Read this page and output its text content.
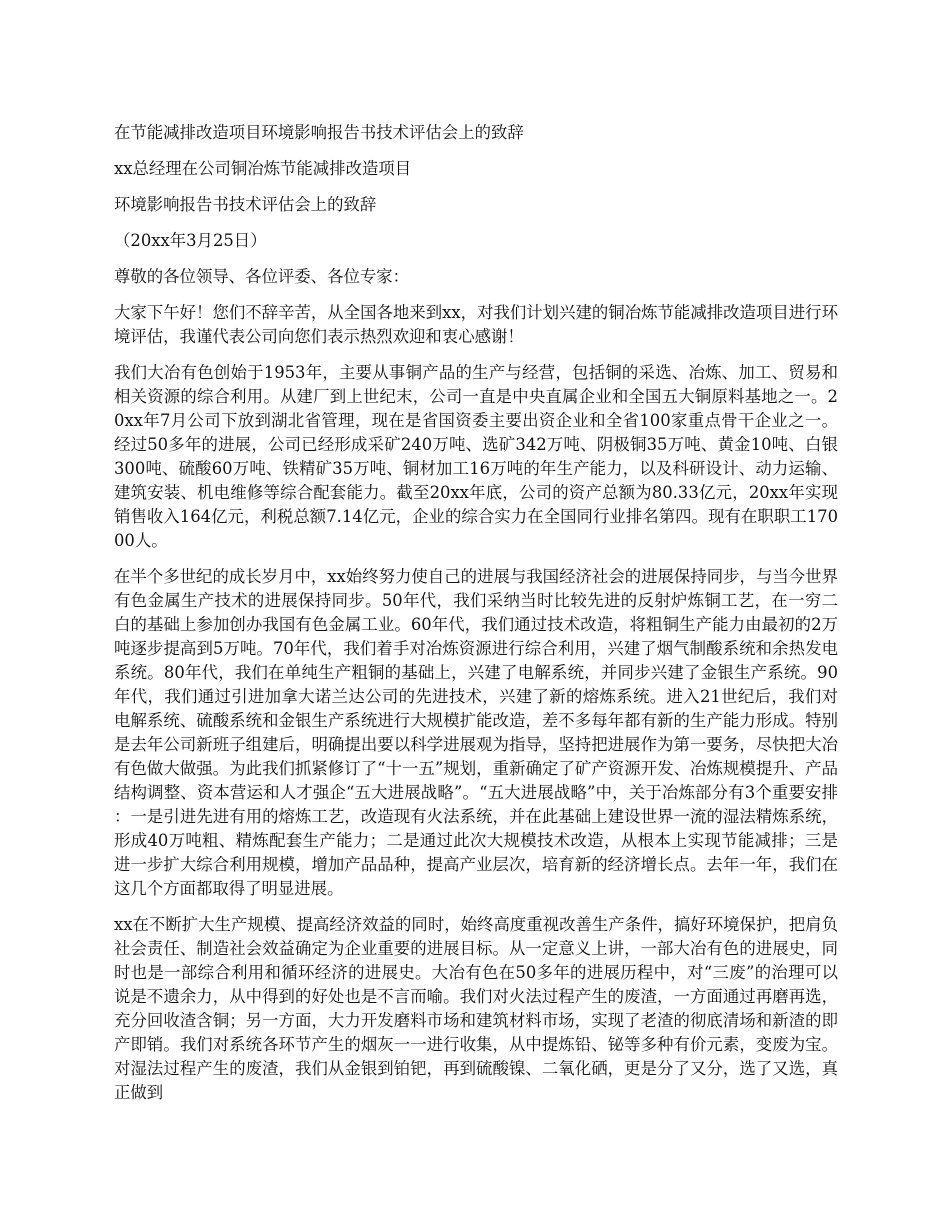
在节能减排改造项目环境影响报告书技术评估会上的致辞
xx总经理在公司铜冶炼节能减排改造项目
环境影响报告书技术评估会上的致辞
（20xx年3月25日）
尊敬的各位领导、各位评委、各位专家：

大家下午好！您们不辞辛苦，从全国各地来到xx，对我们计划兴建的铜冶炼节能减排改造项目进行环境评估，我谨代表公司向您们表示热烈欢迎和衷心感谢！

我们大冶有色创始于1953年，主要从事铜产品的生产与经营，包括铜的采选、冶炼、加工、贸易和相关资源的综合利用。从建厂到上世纪末，公司一直是中央直属企业和全国五大铜原料基地之一。20xx年7月公司下放到湖北省管理，现在是省国资委主要出资企业和全省100家重点骨干企业之一。经过50多年的进展，公司已经形成采矿240万吨、选矿342万吨、阴极铜35万吨、黄金10吨、白银300吨、硫酸60万吨、铁精矿35万吨、铜材加工16万吨的年生产能力，以及科研设计、动力运输、建筑安装、机电维修等综合配套能力。截至20xx年底，公司的资产总额为80.33亿元，20xx年实现销售收入164亿元，利税总额7.14亿元，企业的综合实力在全国同行业排名第四。现有在职职工17000人。

在半个多世纪的成长岁月中，xx始终努力使自己的进展与我国经济社会的进展保持同步，与当今世界有色金属生产技术的进展保持同步。50年代，我们采纳当时比较先进的反射炉炼铜工艺，在一穷二白的基础上参加创办我国有色金属工业。60年代，我们通过技术改造，将粗铜生产能力由最初的2万吨逐步提高到5万吨。70年代，我们着手对冶炼资源进行综合利用，兴建了烟气制酸系统和余热发电系统。80年代，我们在单纯生产粗铜的基础上，兴建了电解系统，并同步兴建了金银生产系统。90年代，我们通过引进加拿大诺兰达公司的先进技术，兴建了新的熔炼系统。进入21世纪后，我们对电解系统、硫酸系统和金银生产系统进行大规模扩能改造，差不多每年都有新的生产能力形成。特别是去年公司新班子组建后，明确提出要以科学进展观为指导，坚持把进展作为第一要务，尽快把大冶有色做大做强。为此我们抓紧修订了“十一五”规划，重新确定了矿产资源开发、冶炼规模提升、产品结构调整、资本营运和人才强企“五大进展战略”。“五大进展战略”中，关于冶炼部分有3个重要安排：一是引进先进有用的熔炼工艺，改造现有火法系统，并在此基础上建设世界一流的湿法精炼系统，形成40万吨粗、精炼配套生产能力；二是通过此次大规模技术改造，从根本上实现节能减排；三是进一步扩大综合利用规模，增加产品品种，提高产业层次，培育新的经济增长点。去年一年，我们在这几个方面都取得了明显进展。

xx在不断扩大生产规模、提高经济效益的同时，始终高度重视改善生产条件，搞好环境保护，把肩负社会责任、制造社会效益确定为企业重要的进展目标。从一定意义上讲，一部大冶有色的进展史，同时也是一部综合利用和循环经济的进展史。大冶有色在50多年的进展历程中，对“三废”的治理可以说是不遗余力，从中得到的好处也是不言而喻。我们对火法过程产生的废渣，一方面通过再磨再选，充分回收渣含铜；另一方面，大力开发磨料市场和建筑材料市场，实现了老渣的彻底清场和新渣的即产即销。我们对系统各环节产生的烟灰一一进行收集，从中提炼铅、铋等多种有价元素，变废为宝。对湿法过程产生的废渣，我们从金银到铂钯，再到硫酸镍、二氧化硒，更是分了又分，选了又选，真正做到
